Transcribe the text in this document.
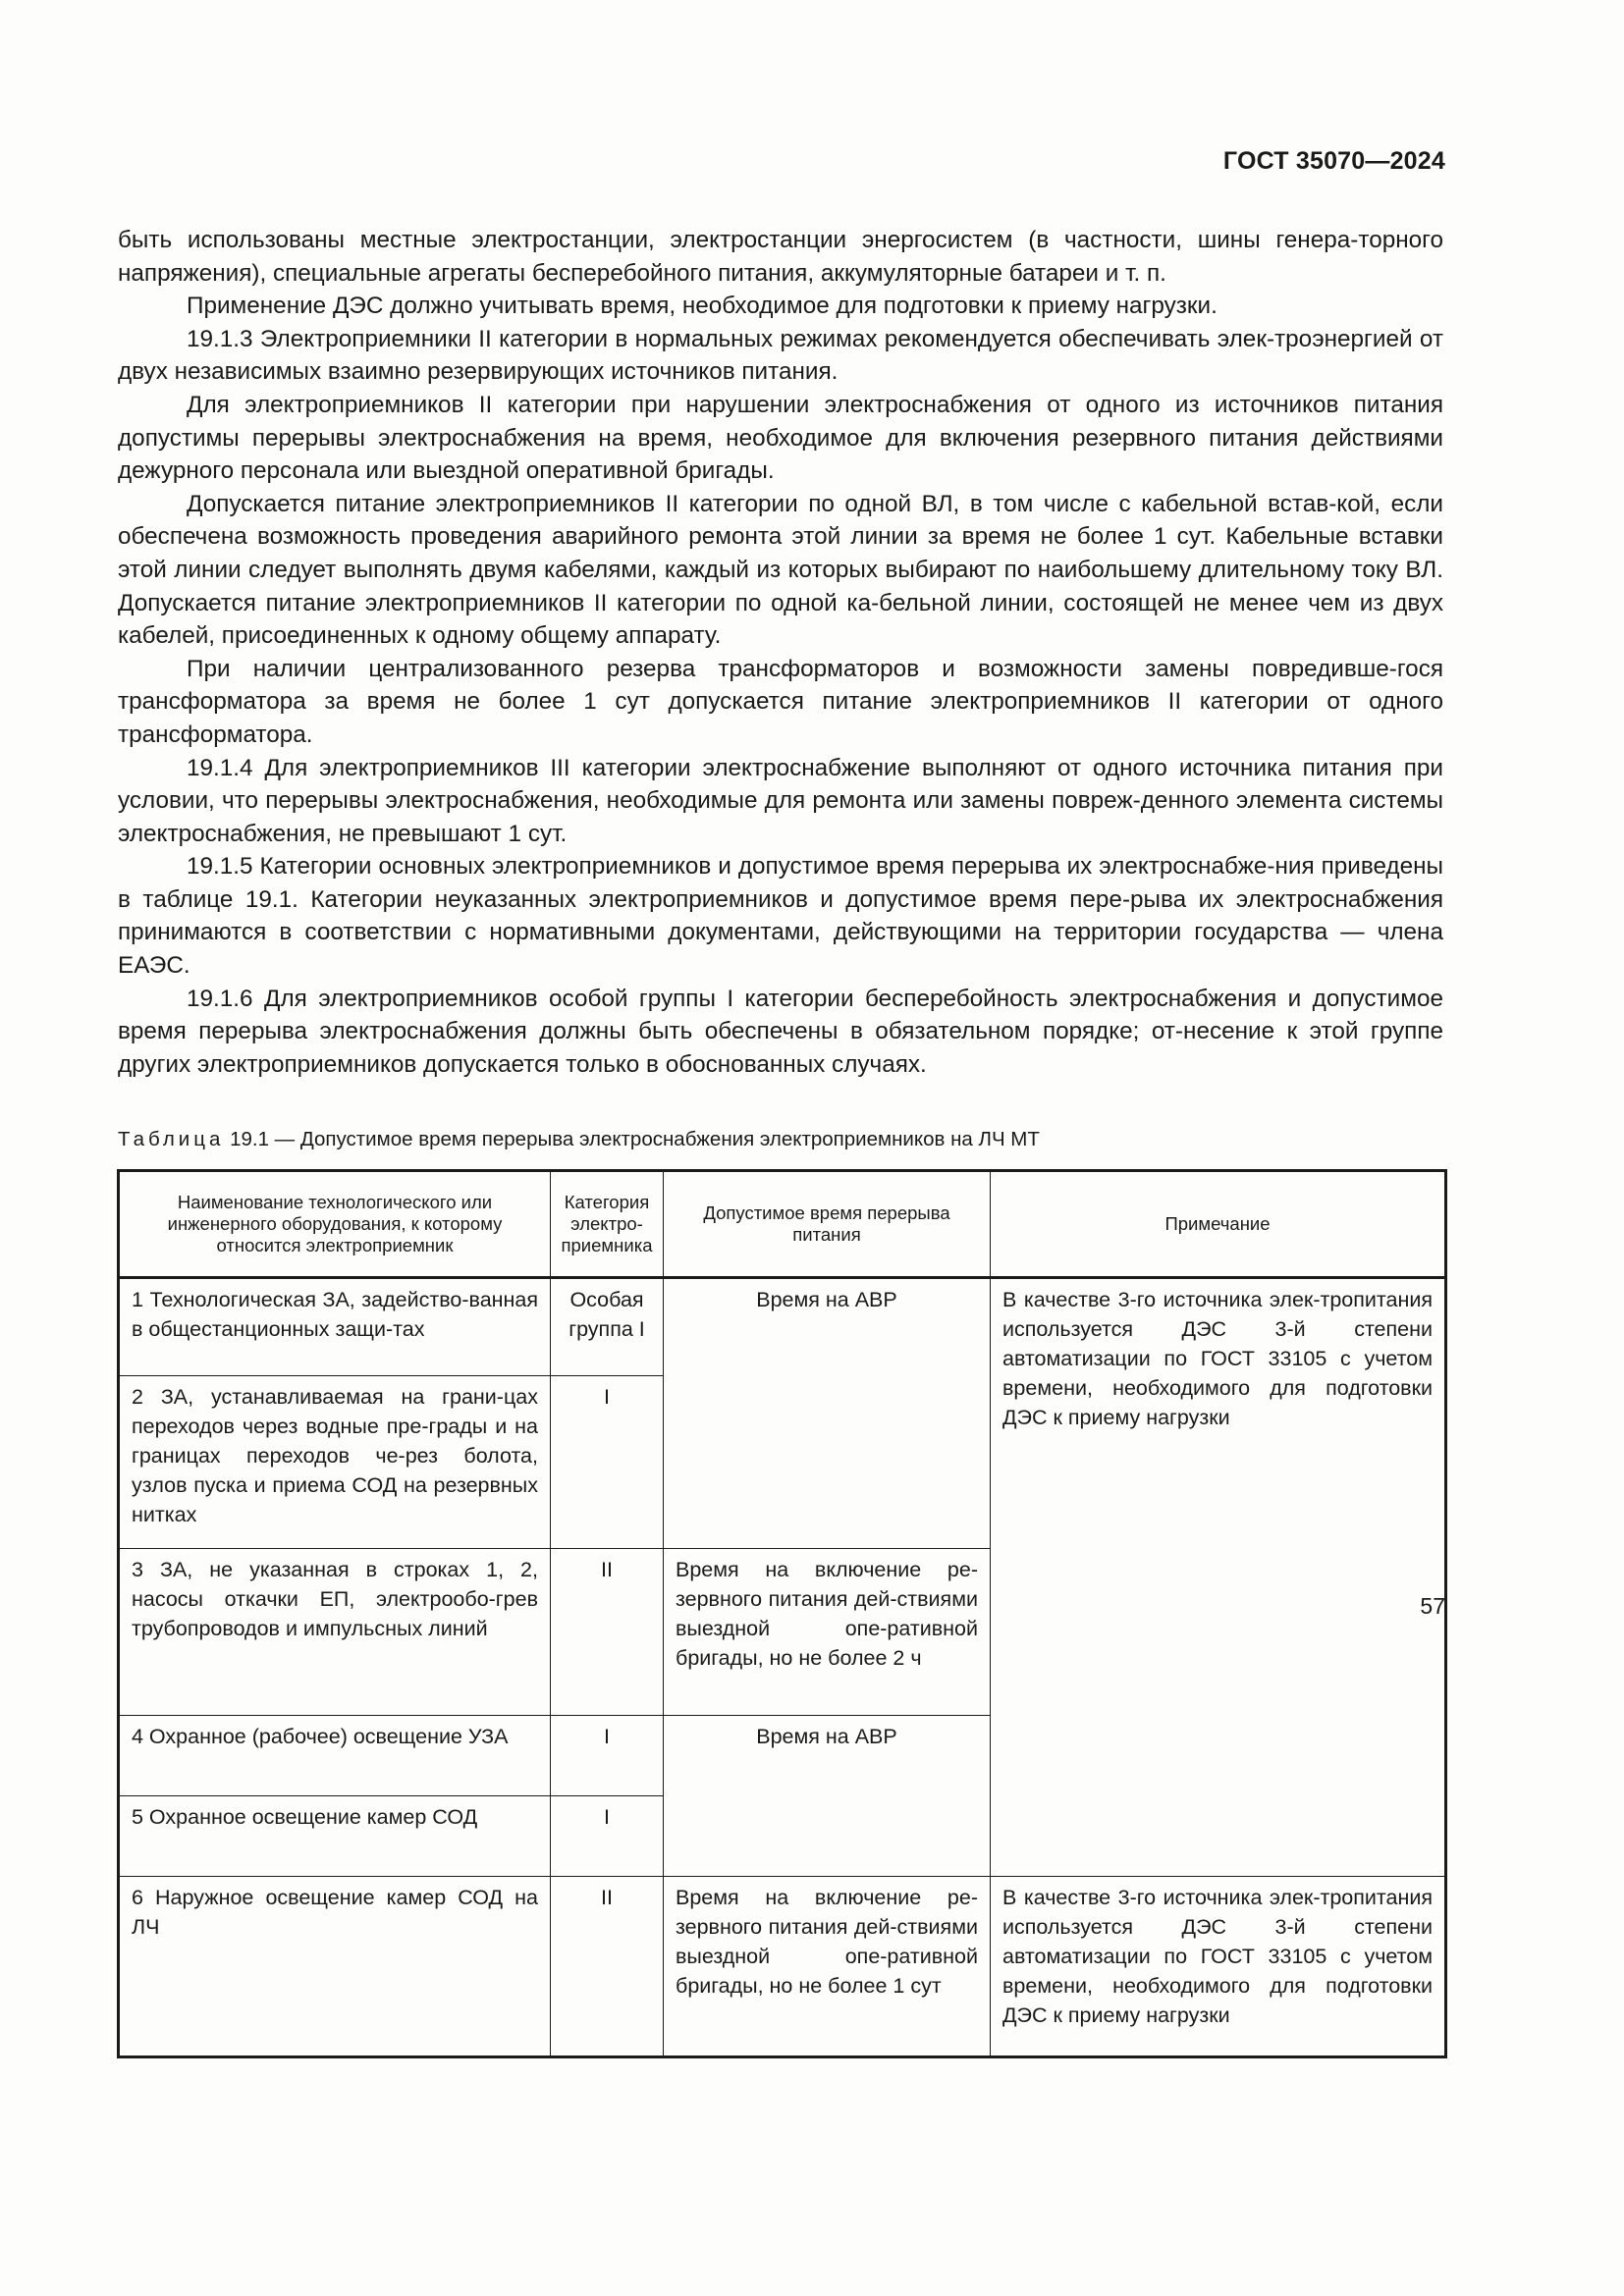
ГОСТ 35070—2024

быть использованы местные электростанции, электростанции энергосистем (в частности, шины генера-торного напряжения), специальные агрегаты бесперебойного питания, аккумуляторные батареи и т. п.

Применение ДЭС должно учитывать время, необходимое для подготовки к приему нагрузки.

19.1.3 Электроприемники II категории в нормальных режимах рекомендуется обеспечивать элек-троэнергией от двух независимых взаимно резервирующих источников питания.

Для электроприемников II категории при нарушении электроснабжения от одного из источников питания допустимы перерывы электроснабжения на время, необходимое для включения резервного питания действиями дежурного персонала или выездной оперативной бригады.

Допускается питание электроприемников II категории по одной ВЛ, в том числе с кабельной встав-кой, если обеспечена возможность проведения аварийного ремонта этой линии за время не более 1 сут. Кабельные вставки этой линии следует выполнять двумя кабелями, каждый из которых выбирают по наибольшему длительному току ВЛ. Допускается питание электроприемников II категории по одной ка-бельной линии, состоящей не менее чем из двух кабелей, присоединенных к одному общему аппарату.

При наличии централизованного резерва трансформаторов и возможности замены повредивше-гося трансформатора за время не более 1 сут допускается питание электроприемников II категории от одного трансформатора.

19.1.4 Для электроприемников III категории электроснабжение выполняют от одного источника питания при условии, что перерывы электроснабжения, необходимые для ремонта или замены повреж-денного элемента системы электроснабжения, не превышают 1 сут.

19.1.5 Категории основных электроприемников и допустимое время перерыва их электроснабже-ния приведены в таблице 19.1. Категории неуказанных электроприемников и допустимое время пере-рыва их электроснабжения принимаются в соответствии с нормативными документами, действующими на территории государства — члена ЕАЭС.

19.1.6 Для электроприемников особой группы I категории бесперебойность электроснабжения и допустимое время перерыва электроснабжения должны быть обеспечены в обязательном порядке; от-несение к этой группе других электроприемников допускается только в обоснованных случаях.

Таблица 19.1 — Допустимое время перерыва электроснабжения электроприемников на ЛЧ МТ
Наименование технологического или инженерного оборудования, к которому относится электроприемник	Категория электро-приемника	Допустимое время перерыва питания	Примечание
1 Технологическая ЗА, задейство-ванная в общестанционных защи-тах	Особая группа I	Время на АВР	В качестве 3-го источника элек-тропитания используется ДЭС 3-й степени автоматизации по ГОСТ 33105 с учетом времени, необходимого для подготовки ДЭС к приему нагрузки
2 ЗА, устанавливаемая на грани-цах переходов через водные пре-грады и на границах переходов че-рез болота, узлов пуска и приема СОД на резервных нитках	I		
3 ЗА, не указанная в строках 1, 2, насосы откачки ЕП, электрообо-грев трубопроводов и импульсных линий	II	Время на включение ре-зервного питания дей-ствиями выездной опе-ративной бригады, но не более 2 ч	
4 Охранное (рабочее) освещение УЗА	I	Время на АВР	
5 Охранное освещение камер СОД	I		
6 Наружное освещение камер СОД на ЛЧ	II	Время на включение ре-зервного питания дей-ствиями выездной опе-ративной бригады, но не более 1 сут	В качестве 3-го источника элек-тропитания используется ДЭС 3-й степени автоматизации по ГОСТ 33105 с учетом времени, необходимого для подготовки ДЭС к приему нагрузки
57
